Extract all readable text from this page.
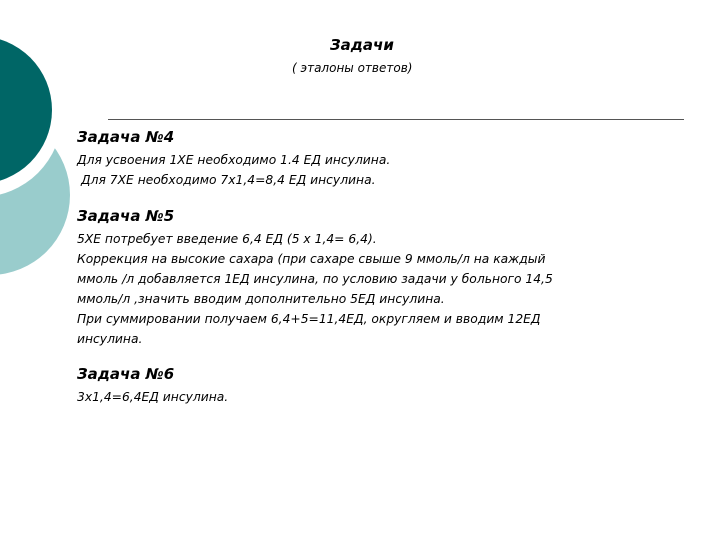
Задачи
( эталоны ответов)
Задача №4
Для усвоения 1ХЕ необходимо 1.4 ЕД инсулина.
Для 7ХЕ необходимо 7х1,4=8,4 ЕД инсулина.
Задача №5
5ХЕ потребует введение 6,4 ЕД (5 х 1,4= 6,4).
Коррекция на высокие сахара (при сахаре свыше 9 ммоль/л на каждый
ммоль /л добавляется 1ЕД инсулина, по условию задачи у больного 14,5
ммоль/л ,значить вводим дополнительно 5ЕД инсулина.
При суммировании получаем 6,4+5=11,4ЕД, округляем и вводим 12ЕД
инсулина.
Задача №6
3х1,4=6,4ЕД инсулина.
